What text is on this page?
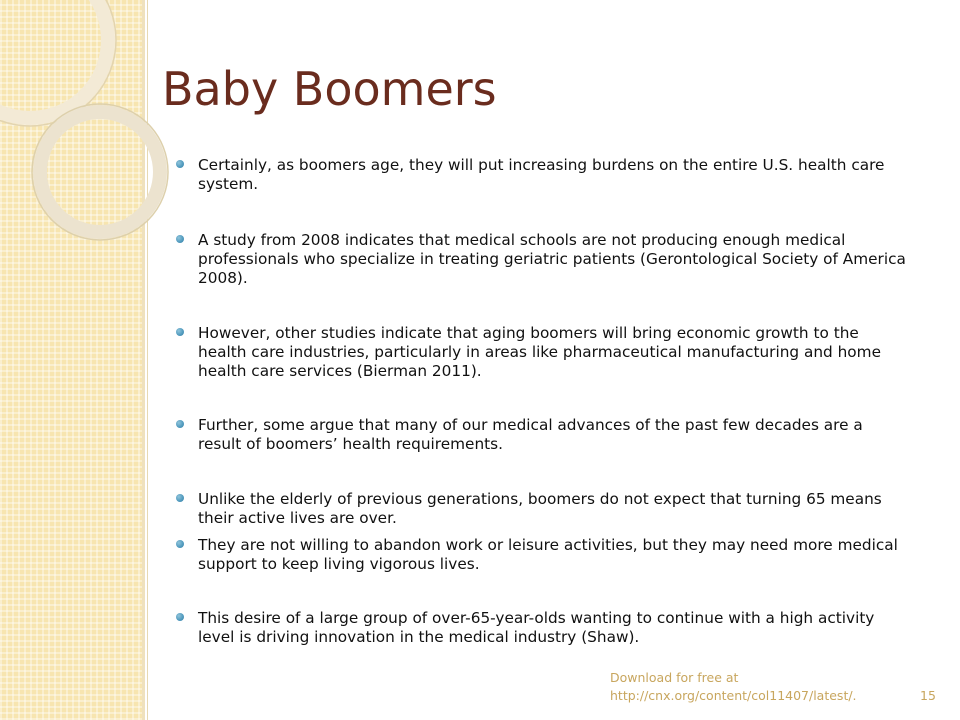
Baby Boomers
Certainly, as boomers age, they will put increasing burdens on the entire U.S. health care system.
A study from 2008 indicates that medical schools are not producing enough medical professionals who specialize in treating geriatric patients (Gerontological Society of America 2008).
However, other studies indicate that aging boomers will bring economic growth to the health care industries, particularly in areas like pharmaceutical manufacturing and home health care services (Bierman 2011).
Further, some argue that many of our medical advances of the past few decades are a result of boomers’ health requirements.
Unlike the elderly of previous generations, boomers do not expect that turning 65 means their active lives are over.
They are not willing to abandon work or leisure activities, but they may need more medical support to keep living vigorous lives.
This desire of a large group of over-65-year-olds wanting to continue with a high activity level is driving innovation in the medical industry (Shaw).
Download for free at
http://cnx.org/content/col11407/latest/.	15
